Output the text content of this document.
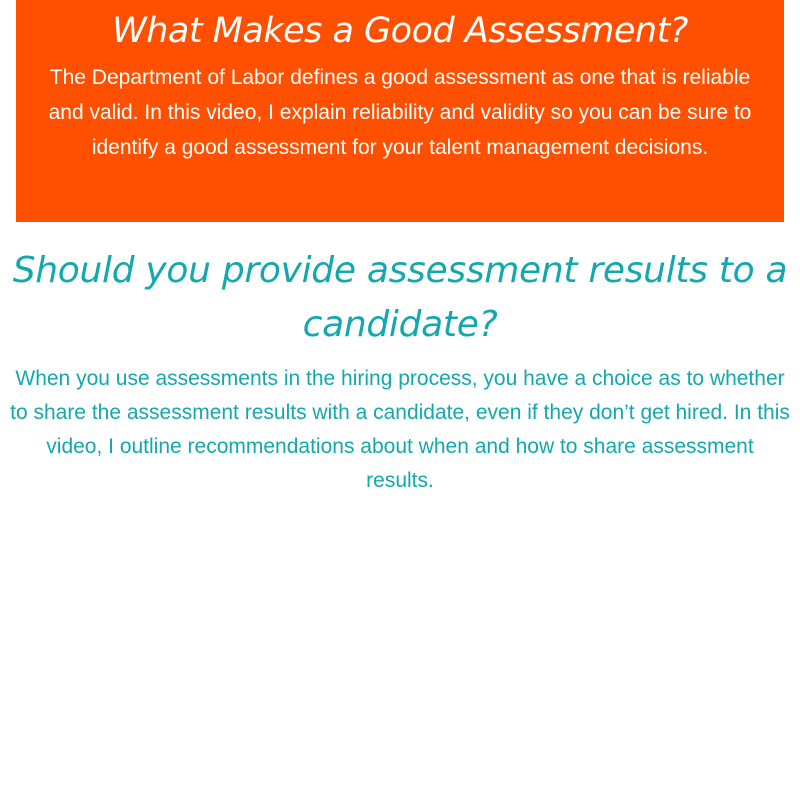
What Makes a Good Assessment?

The Department of Labor defines a good assessment as one that is reliable and valid. In this video, I explain reliability and validity so you can be sure to identify a good assessment for your talent management decisions.

Should you provide assessment results to a candidate?

When you use assessments in the hiring process, you have a choice as to whether to share the assessment results with a candidate, even if they don’t get hired. In this video, I outline recommendations about when and how to share assessment results.
